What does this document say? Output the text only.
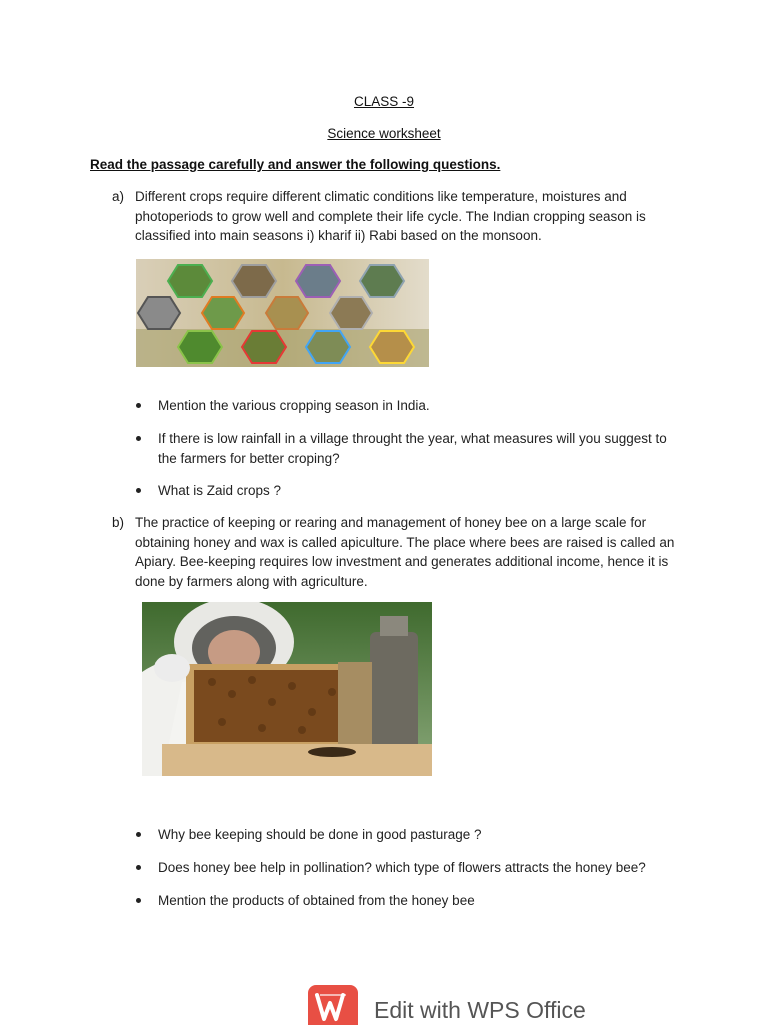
CLASS -9
Science worksheet
Read the passage carefully and answer the following questions.
a) Different crops require different climatic conditions like temperature, moistures and photoperiods to grow well and complete their life cycle. The Indian cropping season is classified into main seasons i) kharif ii) Rabi based on the monsoon.
Mention the various cropping season in India.
If there is low rainfall in a village throught the year, what measures will you suggest to the farmers for better croping?
What is Zaid crops ?
b) The practice of keeping or rearing and management of honey bee on a large scale for obtaining honey and wax is called apiculture. The place where bees are raised is called an Apiary. Bee-keeping requires low investment and generates additional income, hence it is done by farmers along with agriculture.
Why bee keeping should be done in good pasturage ?
Does honey bee help in pollination? which type of flowers attracts the honey bee?
Mention the products of obtained from the honey bee
Edit with WPS Office
